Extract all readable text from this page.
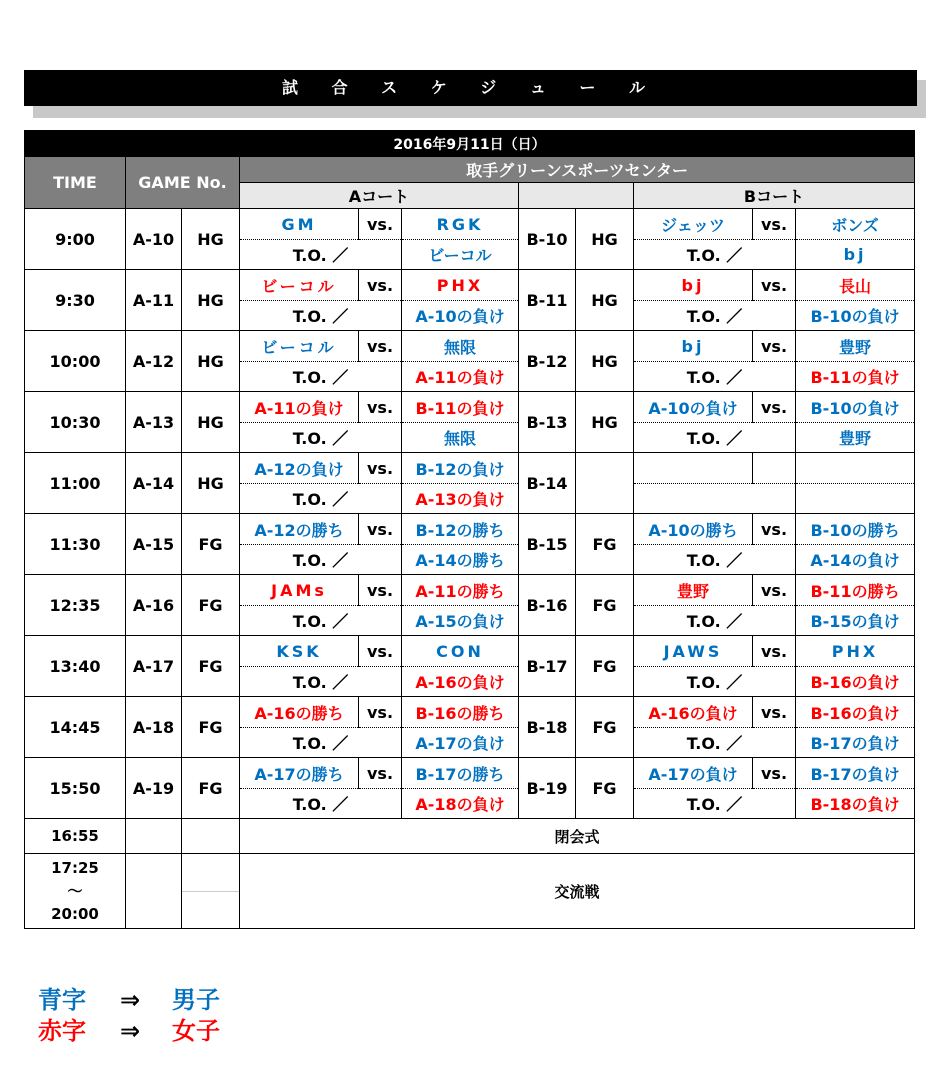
試 合 ス ケ ジ ュ ー ル
2016年9月11日（日）										
TIME	GAME No.		取手グリーンスポーツセンター							
			Aコート					Bコート		
9:00	A-10	HG	GM	vs.	RGK	B-10	HG	ジェッツ	vs.	ボンズ
			T.O. ／		ビーコル			T.O. ／		bj
9:30	A-11	HG	ビーコル	vs.	PHX	B-11	HG	bj	vs.	長山
			T.O. ／		A-10の負け			T.O. ／		B-10の負け
10:00	A-12	HG	ビーコル	vs.	無限	B-12	HG	bj	vs.	豊野
			T.O. ／		A-11の負け			T.O. ／		B-11の負け
10:30	A-13	HG	A-11の負け	vs.	B-11の負け	B-13	HG	A-10の負け	vs.	B-10の負け
			T.O. ／		無限			T.O. ／		豊野
11:00	A-14	HG	A-12の負け	vs.	B-12の負け	B-14				
			T.O. ／		A-13の負け					
11:30	A-15	FG	A-12の勝ち	vs.	B-12の勝ち	B-15	FG	A-10の勝ち	vs.	B-10の勝ち
			T.O. ／		A-14の勝ち			T.O. ／		A-14の負け
12:35	A-16	FG	JAMs	vs.	A-11の勝ち	B-16	FG	豊野	vs.	B-11の勝ち
			T.O. ／		A-15の負け			T.O. ／		B-15の負け
13:40	A-17	FG	KSK	vs.	CON	B-17	FG	JAWS	vs.	PHX
			T.O. ／		A-16の負け			T.O. ／		B-16の負け
14:45	A-18	FG	A-16の勝ち	vs.	B-16の勝ち	B-18	FG	A-16の負け	vs.	B-16の負け
			T.O. ／		A-17の負け			T.O. ／		B-17の負け
15:50	A-19	FG	A-17の勝ち	vs.	B-17の勝ち	B-19	FG	A-17の負け	vs.	B-17の負け
			T.O. ／		A-18の負け			T.O. ／		B-18の負け
16:55			閉会式							

17:25
～
20:00			交流戦							
青字 ⇒ 男子
赤字 ⇒ 女子
